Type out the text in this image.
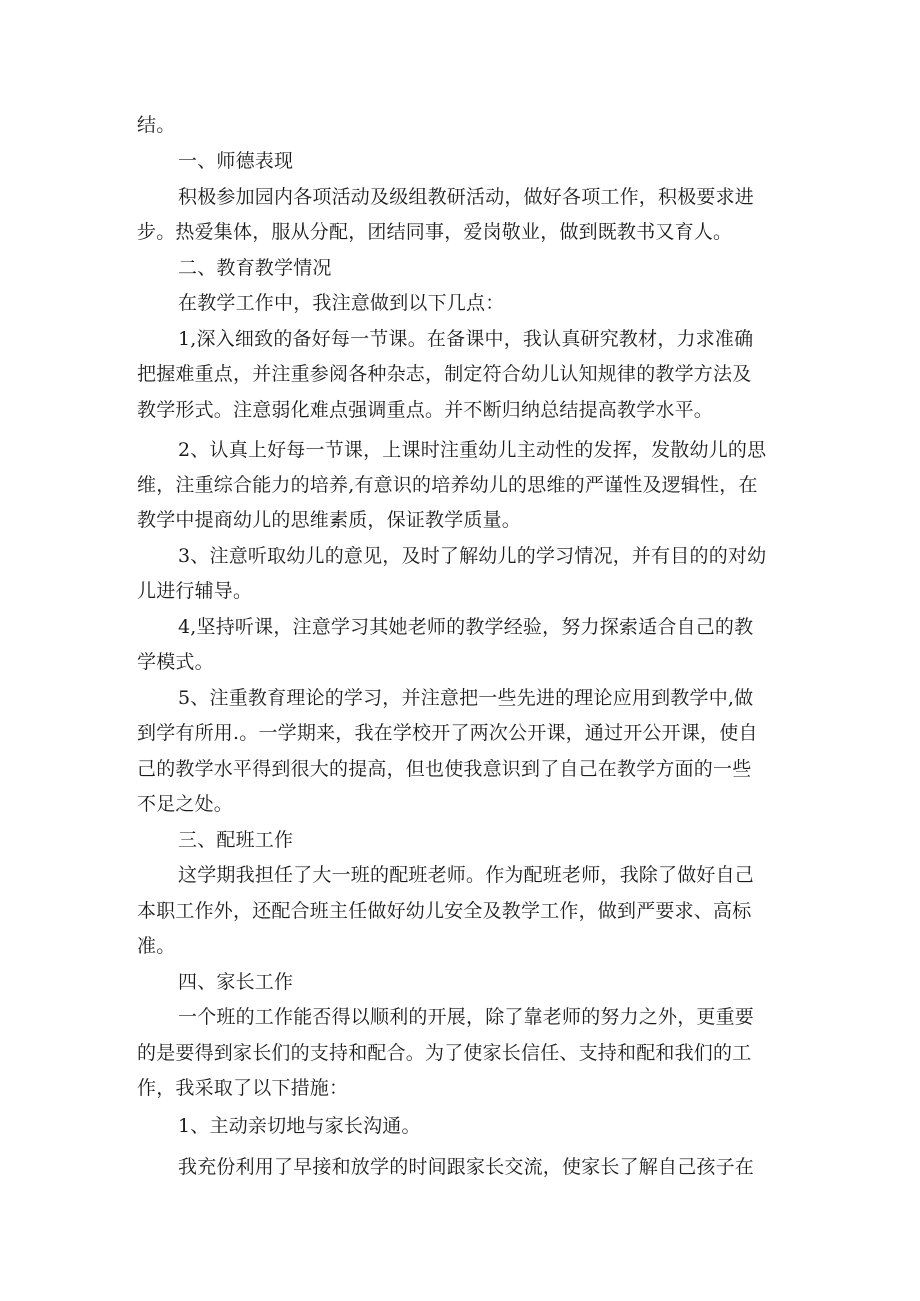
结。
一、师德表现
积极参加园内各项活动及级组教研活动，做好各项工作，积极要求进
步。热爱集体，服从分配，团结同事，爱岗敬业，做到既教书又育人。
二、教育教学情况
在教学工作中，我注意做到以下几点：
1,深入细致的备好每一节课。在备课中，我认真研究教材，力求准确
把握难重点，并注重参阅各种杂志，制定符合幼儿认知规律的教学方法及
教学形式。注意弱化难点强调重点。并不断归纳总结提高教学水平。
2、认真上好每一节课，上课时注重幼儿主动性的发挥，发散幼儿的思
维，注重综合能力的培养,有意识的培养幼儿的思维的严谨性及逻辑性，在
教学中提商幼儿的思维素质，保证教学质量。
3、注意听取幼儿的意见，及时了解幼儿的学习情况，并有目的的对幼
儿进行辅导。
4,坚持听课，注意学习其她老师的教学经验，努力探索适合自己的教
学模式。
5、注重教育理论的学习，并注意把一些先进的理论应用到教学中,做
到学有所用.。一学期来，我在学校开了两次公开课，通过开公开课，使自
己的教学水平得到很大的提高，但也使我意识到了自己在教学方面的一些
不足之处。
三、配班工作
这学期我担任了大一班的配班老师。作为配班老师，我除了做好自己
本职工作外，还配合班主任做好幼儿安全及教学工作，做到严要求、高标
准。
四、家长工作
一个班的工作能否得以顺利的开展，除了靠老师的努力之外，更重要
的是要得到家长们的支持和配合。为了使家长信任、支持和配和我们的工
作，我采取了以下措施：
1、主动亲切地与家长沟通。
我充份利用了早接和放学的时间跟家长交流，使家长了解自己孩子在
